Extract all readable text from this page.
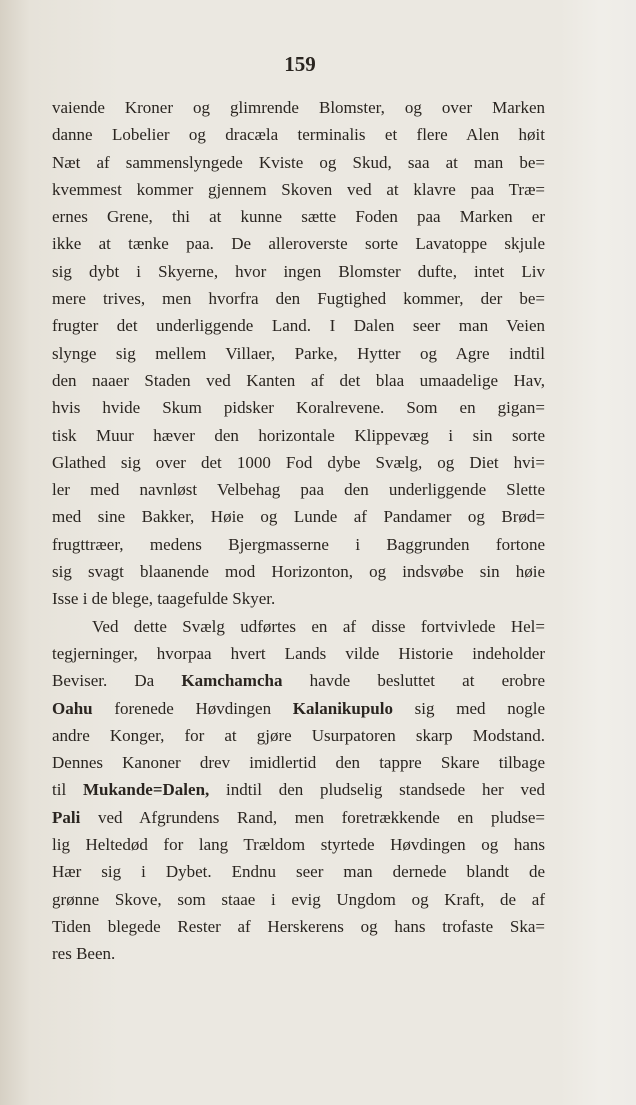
159
vaiende Kroner og glimrende Blomster, og over Marken
danne Lobelier og dracæla terminalis et flere Alen høit
Næt af sammenslyngede Kviste og Skud, saa at man be=
kvemmest kommer gjennem Skoven ved at klavre paa Træ=
ernes Grene, thi at kunne sætte Foden paa Marken er
ikke at tænke paa. De alleroverste sorte Lavatoppe skjule
sig dybt i Skyerne, hvor ingen Blomster dufte, intet Liv
mere trives, men hvorfra den Fugtighed kommer, der be=
frugter det underliggende Land. I Dalen seer man Veien
slynge sig mellem Villaer, Parke, Hytter og Agre indtil
den naaer Staden ved Kanten af det blaa umaadelige Hav,
hvis hvide Skum pidsker Koralrevene. Som en gigan=
tisk Muur hæver den horizontale Klippevæg i sin sorte
Glathed sig over det 1000 Fod dybe Svælg, og Diet hvi=
ler med navnløst Velbehag paa den underliggende Slette
med sine Bakker, Høie og Lunde af Pandamer og Brød=
frugttræer, medens Bjergmasserne i Baggrunden fortone
sig svagt blaanende mod Horizonton, og indsvøbe sin høie
Isse i de blege, taagefulde Skyer.
Ved dette Svælg udførtes en af disse fortvivlede Hel=
tegjerninger, hvorpaa hvert Lands vilde Historie indeholder
Beviser. Da Kamchamcha havde besluttet at erobre
Oahu forenede Høvdingen Kalanikupulo sig med nogle
andre Konger, for at gjøre Usurpatoren skarp Modstand.
Dennes Kanoner drev imidlertid den tappre Skare tilbage
til Mukande=Dalen, indtil den pludselig standsede her ved
Pali ved Afgrundens Rand, men foretrækkende en pludse=
lig Heltedød for lang Trældom styrtede Høvdingen og hans
Hær sig i Dybet. Endnu seer man dernede blandt de
grønne Skove, som staae i evig Ungdom og Kraft, de af
Tiden blegede Rester af Herskerens og hans trofaste Ska=
res Been.
